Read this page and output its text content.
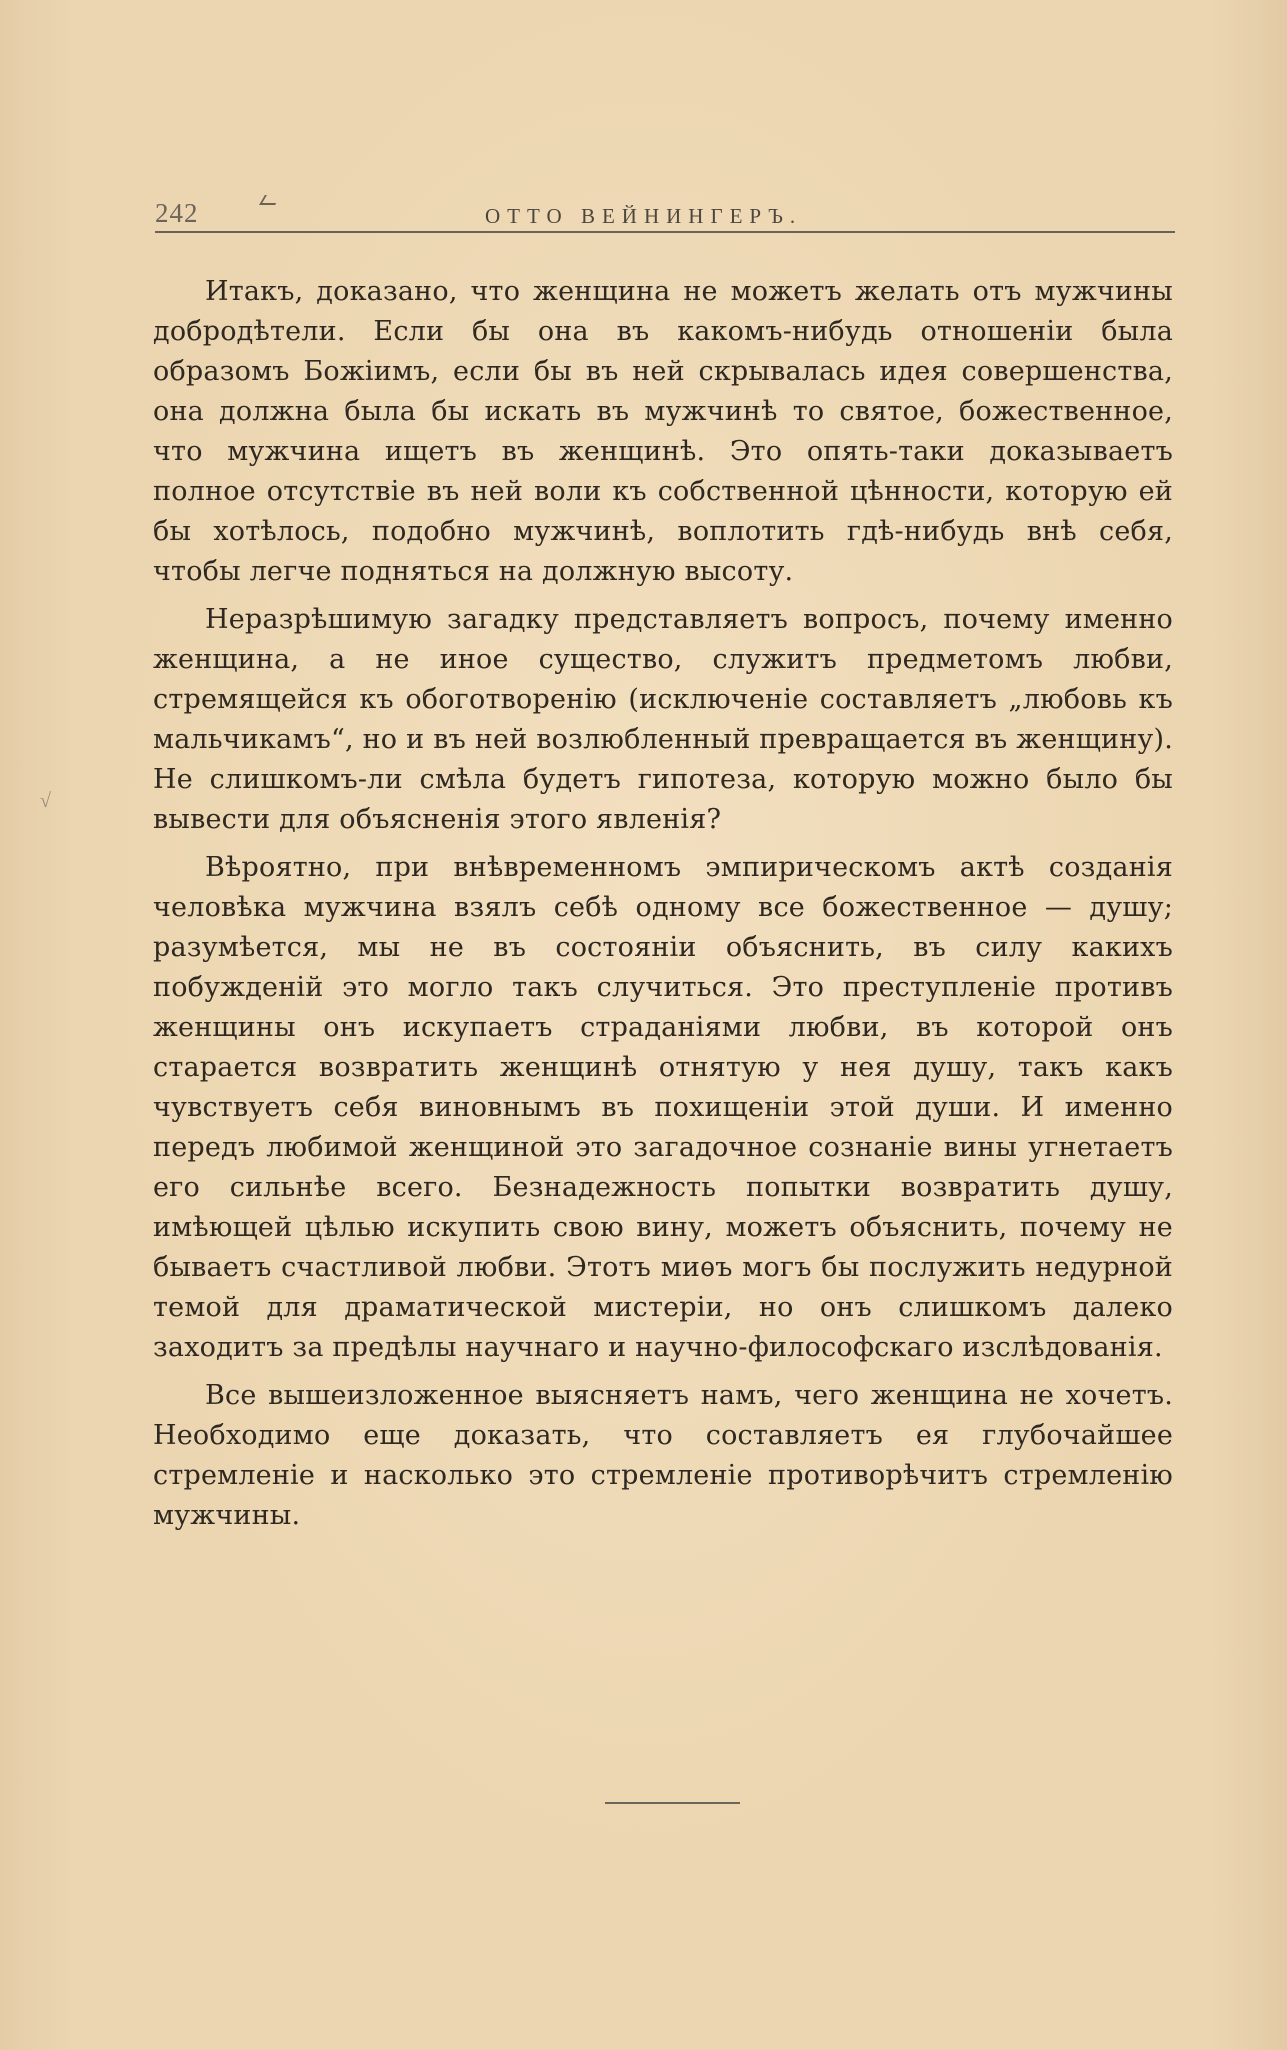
242	ОТТО ВЕЙНИНГЕРЪ.
√

Итакъ, доказано, что женщина не можетъ желать отъ мужчины добродѣтели. Если бы она въ какомъ-нибудь отношеніи была образомъ Божіимъ, если бы въ ней скрывалась идея совершенства, она должна была бы искать въ мужчинѣ то святое, божественное, что мужчина ищетъ въ женщинѣ. Это опять-таки доказываетъ полное отсутствіе въ ней воли къ собственной цѣнности, которую ей бы хотѣлось, подобно мужчинѣ, воплотить гдѣ-нибудь внѣ себя, чтобы легче подняться на должную высоту.

Неразрѣшимую загадку представляетъ вопросъ, почему именно женщина, а не иное существо, служитъ предметомъ любви, стремящейся къ обоготворенію (исключеніе составляетъ „любовь къ мальчикамъ“, но и въ ней возлюбленный превращается въ женщину). Не слишкомъ-ли смѣла будетъ гипотеза, которую можно было бы вывести для объясненія этого явленія?

Вѣроятно, при внѣвременномъ эмпирическомъ актѣ созданія человѣка мужчина взялъ себѣ одному все божественное — душу; разумѣется, мы не въ состояніи объяснить, въ силу какихъ побужденій это могло такъ случиться. Это преступленіе противъ женщины онъ искупаетъ страданіями любви, въ которой онъ старается возвратить женщинѣ отнятую у нея душу, такъ какъ чувствуетъ себя виновнымъ въ похищеніи этой души. И именно передъ любимой женщиной это загадочное сознаніе вины угнетаетъ его сильнѣе всего. Безнадежность попытки возвратить душу, имѣющей цѣлью искупить свою вину, можетъ объяснить, почему не бываетъ счастливой любви. Этотъ миѳъ могъ бы послужить недурной темой для драматической мистеріи, но онъ слишкомъ далеко заходитъ за предѣлы научнаго и научно-философскаго изслѣдованія.

Все вышеизложенное выясняетъ намъ, чего женщина не хочетъ. Необходимо еще доказать, что составляетъ ея глубочайшее стремленіе и насколько это стремленіе противорѣчитъ стремленію мужчины.
